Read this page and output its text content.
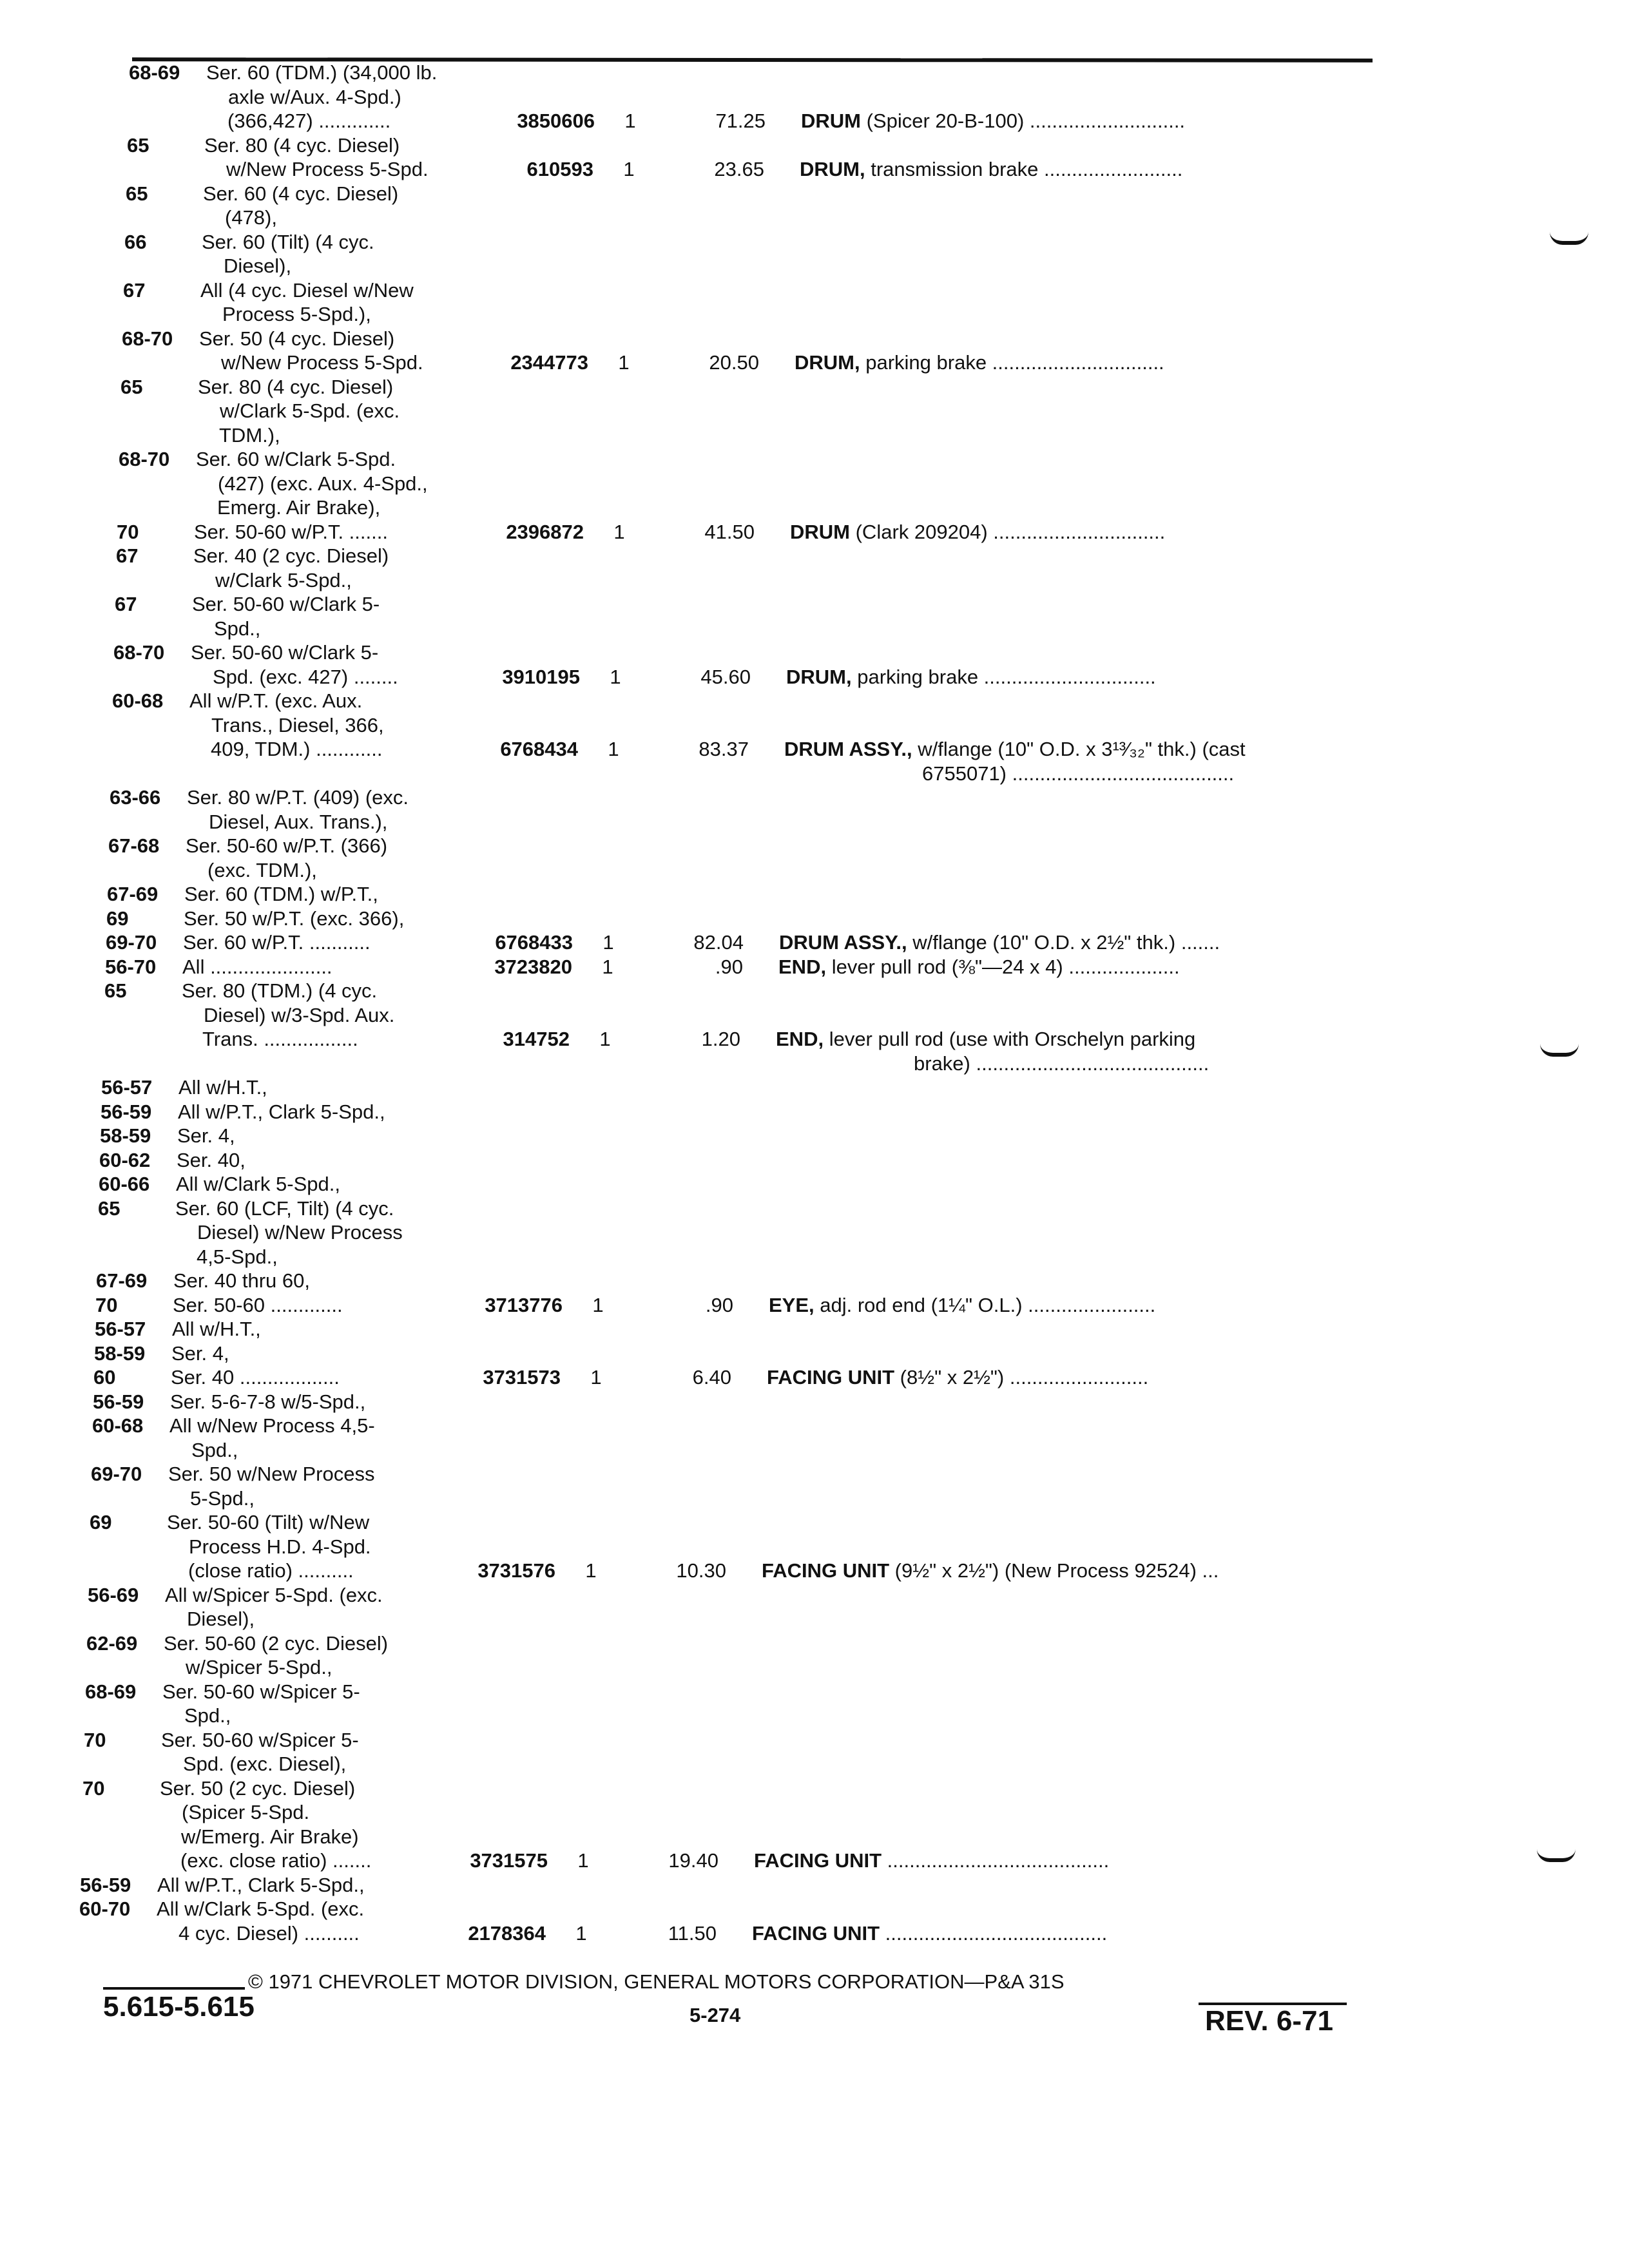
68-69 Ser. 60 (TDM.) (34,000 lb.
axle w/Aux. 4-Spd.)
(366,427) .............	3850606 1	71.25 DRUM (Spicer 20-B-100) ............................
65	Ser. 80 (4 cyc. Diesel)
w/New Process 5-Spd.	610593 1	23.65 DRUM, transmission brake .........................
65	Ser. 60 (4 cyc. Diesel)
(478),
66	Ser. 60 (Tilt) (4 cyc.
Diesel),
67	All (4 cyc. Diesel w/New
Process 5-Spd.),
68-70 Ser. 50 (4 cyc. Diesel)
w/New Process 5-Spd.	2344773 1	20.50 DRUM, parking brake ...............................
65	Ser. 80 (4 cyc. Diesel)
w/Clark 5-Spd. (exc.
TDM.),
68-70 Ser. 60 w/Clark 5-Spd.
(427) (exc. Aux. 4-Spd.,
Emerg. Air Brake),
70	Ser. 50-60 w/P.T. .......	2396872 1	41.50 DRUM (Clark 209204) ...............................
67	Ser. 40 (2 cyc. Diesel)
w/Clark 5-Spd.,
67	Ser. 50-60 w/Clark 5-
Spd.,
68-70 Ser. 50-60 w/Clark 5-
Spd. (exc. 427) ........	3910195 1	45.60 DRUM, parking brake ...............................
60-68 All w/P.T. (exc. Aux.
Trans., Diesel, 366,
409, TDM.) ............	6768434 1	83.37 DRUM ASSY., w/flange (10" O.D. x 3¹³⁄₃₂" thk.) (cast
6755071) ........................................
63-66 Ser. 80 w/P.T. (409) (exc.
Diesel, Aux. Trans.),
67-68 Ser. 50-60 w/P.T. (366)
(exc. TDM.),
67-69 Ser. 60 (TDM.) w/P.T.,
69	Ser. 50 w/P.T. (exc. 366),
69-70 Ser. 60 w/P.T. ...........	6768433 1	82.04 DRUM ASSY., w/flange (10" O.D. x 2½" thk.) .......
56-70 All ......................	3723820 1	.90 END, lever pull rod (⅜"—24 x 4) ....................
65	Ser. 80 (TDM.) (4 cyc.
Diesel) w/3-Spd. Aux.
Trans. .................	314752 1	1.20 END, lever pull rod (use with Orschelyn parking
brake) ..........................................
56-57 All w/H.T.,
56-59 All w/P.T., Clark 5-Spd.,
58-59 Ser. 4,
60-62 Ser. 40,
60-66 All w/Clark 5-Spd.,
65	Ser. 60 (LCF, Tilt) (4 cyc.
Diesel) w/New Process
4,5-Spd.,
67-69 Ser. 40 thru 60,
70	Ser. 50-60 .............	3713776 1	.90 EYE, adj. rod end (1¼" O.L.) .......................
56-57 All w/H.T.,
58-59 Ser. 4,
60	Ser. 40 ..................	3731573 1	6.40 FACING UNIT (8½" x 2½") .........................
56-59 Ser. 5-6-7-8 w/5-Spd.,
60-68 All w/New Process 4,5-
Spd.,
69-70 Ser. 50 w/New Process
5-Spd.,
69	Ser. 50-60 (Tilt) w/New
Process H.D. 4-Spd.
(close ratio) ..........	3731576 1	10.30 FACING UNIT (9½" x 2½") (New Process 92524) ...
56-69 All w/Spicer 5-Spd. (exc.
Diesel),
62-69 Ser. 50-60 (2 cyc. Diesel)
w/Spicer 5-Spd.,
68-69 Ser. 50-60 w/Spicer 5-
Spd.,
70	Ser. 50-60 w/Spicer 5-
Spd. (exc. Diesel),
70	Ser. 50 (2 cyc. Diesel)
(Spicer 5-Spd.
w/Emerg. Air Brake)
(exc. close ratio) .......	3731575 1	19.40 FACING UNIT ........................................
56-59 All w/P.T., Clark 5-Spd.,
60-70 All w/Clark 5-Spd. (exc.
4 cyc. Diesel) ..........	2178364 1	11.50 FACING UNIT ........................................
© 1971 CHEVROLET MOTOR DIVISION, GENERAL MOTORS CORPORATION—P&A 31S
5.615-5.615	5-274	REV. 6-71
